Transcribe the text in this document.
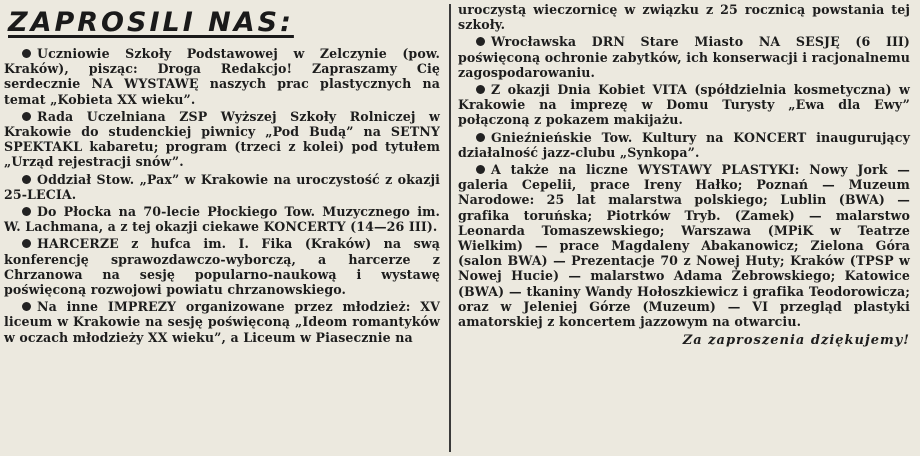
ZAPROSILI NAS:

Uczniowie Szkoły Podstawowej w Zelczynie (pow. Kraków), pisząc: Droga Redakcjo! Zapraszamy Cię serdecznie NA WYSTAWĘ naszych prac plastycznych na temat „Kobieta XX wieku”.

Rada Uczelniana ZSP Wyższej Szkoły Rolniczej w Krakowie do studenckiej piwnicy „Pod Budą” na SETNY SPEKTAKL kabaretu; program (trzeci z kolei) pod tytułem „Urząd rejestracji snów”.

Oddział Stow. „Pax” w Krakowie na uroczystość z okazji 25-LECIA.

Do Płocka na 70-lecie Płockiego Tow. Muzycznego im. W. Lachmana, a z tej okazji ciekawe KONCERTY (14—26 III).

HARCERZE z hufca im. I. Fika (Kraków) na swą konferencję sprawozdawczo-wyborczą, a harcerze z Chrzanowa na sesję popularno-naukową i wystawę poświęconą rozwojowi powiatu chrzanowskiego.

Na inne IMPREZY organizowane przez młodzież: XV liceum w Krakowie na sesję poświęconą „Ideom romantyków w oczach młodzieży XX wieku”, a Liceum w Piasecznie na

uroczystą wieczornicę w związku z 25 rocznicą powstania tej szkoły.

Wrocławska DRN Stare Miasto NA SESJĘ (6 III) poświęconą ochronie zabytków, ich konserwacji i racjonalnemu zagospodarowaniu.

Z okazji Dnia Kobiet VITA (spółdzielnia kosmetyczna) w Krakowie na imprezę w Domu Turysty „Ewa dla Ewy” połączoną z pokazem makijażu.

Gnieźnieńskie Tow. Kultury na KONCERT inaugurujący działalność jazz-clubu „Synkopa”.

A także na liczne WYSTAWY PLASTYKI: Nowy Jork — galeria Cepelii, prace Ireny Hałko; Poznań — Muzeum Narodowe: 25 lat malarstwa polskiego; Lublin (BWA) — grafika toruńska; Piotrków Tryb. (Zamek) — malarstwo Leonarda Tomaszewskiego; Warszawa (MPiK w Teatrze Wielkim) — prace Magdaleny Abakanowicz; Zielona Góra (salon BWA) — Prezentacje 70 z Nowej Huty; Kraków (TPSP w Nowej Hucie) — malarstwo Adama Żebrowskiego; Katowice (BWA) — tkaniny Wandy Hołoszkiewicz i grafika Teodorowicza; oraz w Jeleniej Górze (Muzeum) — VI przegląd plastyki amatorskiej z koncertem jazzowym na otwarciu.

Za zaproszenia dziękujemy!
